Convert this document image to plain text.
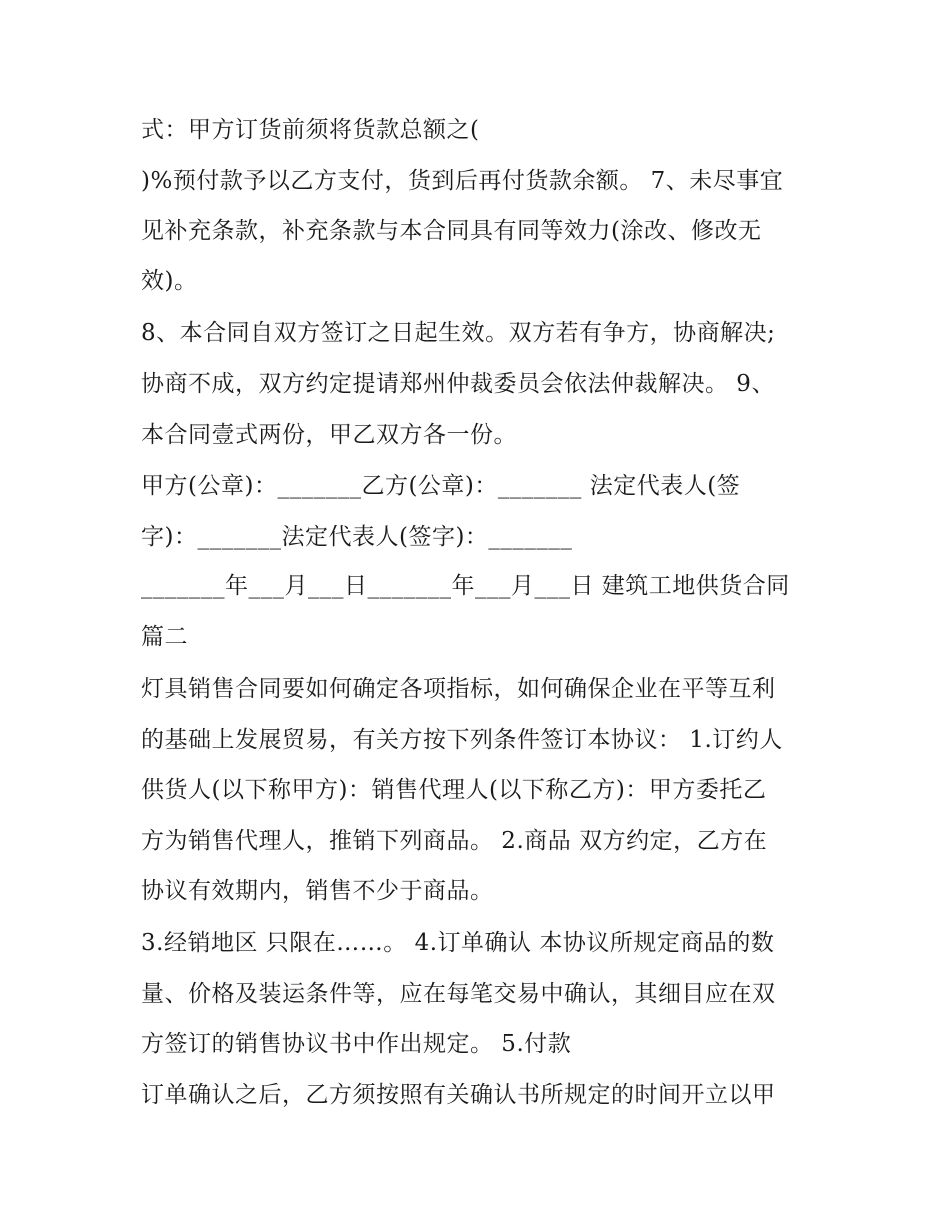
式：甲方订货前须将货款总额之(
)%预付款予以乙方支付，货到后再付货款余额。 7、未尽事宜
见补充条款，补充条款与本合同具有同等效力(涂改、修改无
效)。
8、本合同自双方签订之日起生效。双方若有争方，协商解决;
协商不成，双方约定提请郑州仲裁委员会依法仲裁解决。 9、
本合同壹式两份，甲乙双方各一份。
甲方(公章)：_______乙方(公章)：_______ 法定代表人(签
字)：_______法定代表人(签字)：_______
_______年___月___日_______年___月___日 建筑工地供货合同
篇二
灯具销售合同要如何确定各项指标，如何确保企业在平等互利
的基础上发展贸易，有关方按下列条件签订本协议： 1.订约人
供货人(以下称甲方)：销售代理人(以下称乙方)：甲方委托乙
方为销售代理人，推销下列商品。 2.商品 双方约定，乙方在
协议有效期内，销售不少于商品。
3.经销地区 只限在……。 4.订单确认 本协议所规定商品的数
量、价格及装运条件等，应在每笔交易中确认，其细目应在双
方签订的销售协议书中作出规定。 5.付款
订单确认之后，乙方须按照有关确认书所规定的时间开立以甲
